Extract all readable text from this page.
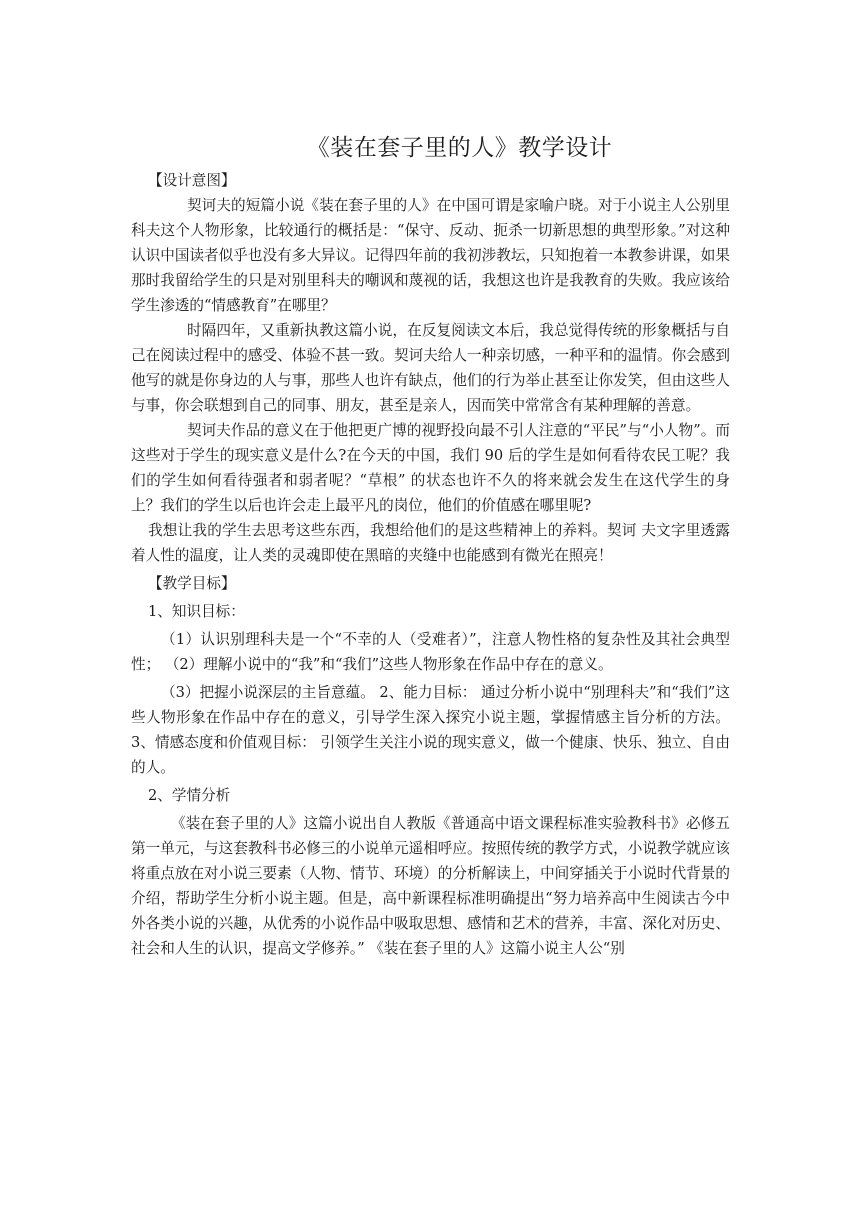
《装在套子里的人》教学设计

【设计意图】

契诃夫的短篇小说《装在套子里的人》在中国可谓是家喻户晓。对于小说主人公别里科夫这个人物形象，比较通行的概括是：“保守、反动、扼杀一切新思想的典型形象。”对这种认识中国读者似乎也没有多大异议。记得四年前的我初涉教坛，只知抱着一本教参讲课，如果那时我留给学生的只是对别里科夫的嘲讽和蔑视的话，我想这也许是我教育的失败。我应该给学生渗透的“情感教育”在哪里？

时隔四年，又重新执教这篇小说，在反复阅读文本后，我总觉得传统的形象概括与自己在阅读过程中的感受、体验不甚一致。契诃夫给人一种亲切感，一种平和的温情。你会感到他写的就是你身边的人与事，那些人也许有缺点，他们的行为举止甚至让你发笑，但由这些人与事，你会联想到自己的同事、朋友，甚至是亲人，因而笑中常常含有某种理解的善意。

契诃夫作品的意义在于他把更广博的视野投向最不引人注意的“平民”与“小人物”。而这些对于学生的现实意义是什么?在今天的中国，我们 90 后的学生是如何看待农民工呢？我们的学生如何看待强者和弱者呢？“草根” 的状态也许不久的将来就会发生在这代学生的身上？我们的学生以后也许会走上最平凡的岗位，他们的价值感在哪里呢?

我想让我的学生去思考这些东西，我想给他们的是这些精神上的养料。契诃 夫文字里透露着人性的温度，让人类的灵魂即使在黑暗的夹缝中也能感到有微光在照亮！

【教学目标】

1、知识目标：

（1）认识别理科夫是一个“不幸的人（受难者）”，注意人物性格的复杂性及其社会典型性； （2）理解小说中的“我”和“我们”这些人物形象在作品中存在的意义。

（3）把握小说深层的主旨意蕴。 2、能力目标： 通过分析小说中“别理科夫”和“我们”这些人物形象在作品中存在的意义，引导学生深入探究小说主题，掌握情感主旨分析的方法。 3、情感态度和价值观目标： 引领学生关注小说的现实意义，做一个健康、快乐、独立、自由的人。

2、学情分析

《装在套子里的人》这篇小说出自人教版《普通高中语文课程标准实验教科书》必修五第一单元，与这套教科书必修三的小说单元遥相呼应。按照传统的教学方式，小说教学就应该将重点放在对小说三要素（人物、情节、环境）的分析解读上，中间穿插关于小说时代背景的介绍，帮助学生分析小说主题。但是，高中新课程标准明确提出“努力培养高中生阅读古今中外各类小说的兴趣，从优秀的小说作品中吸取思想、感情和艺术的营养，丰富、深化对历史、社会和人生的认识，提高文学修养。” 《装在套子里的人》这篇小说主人公“别
